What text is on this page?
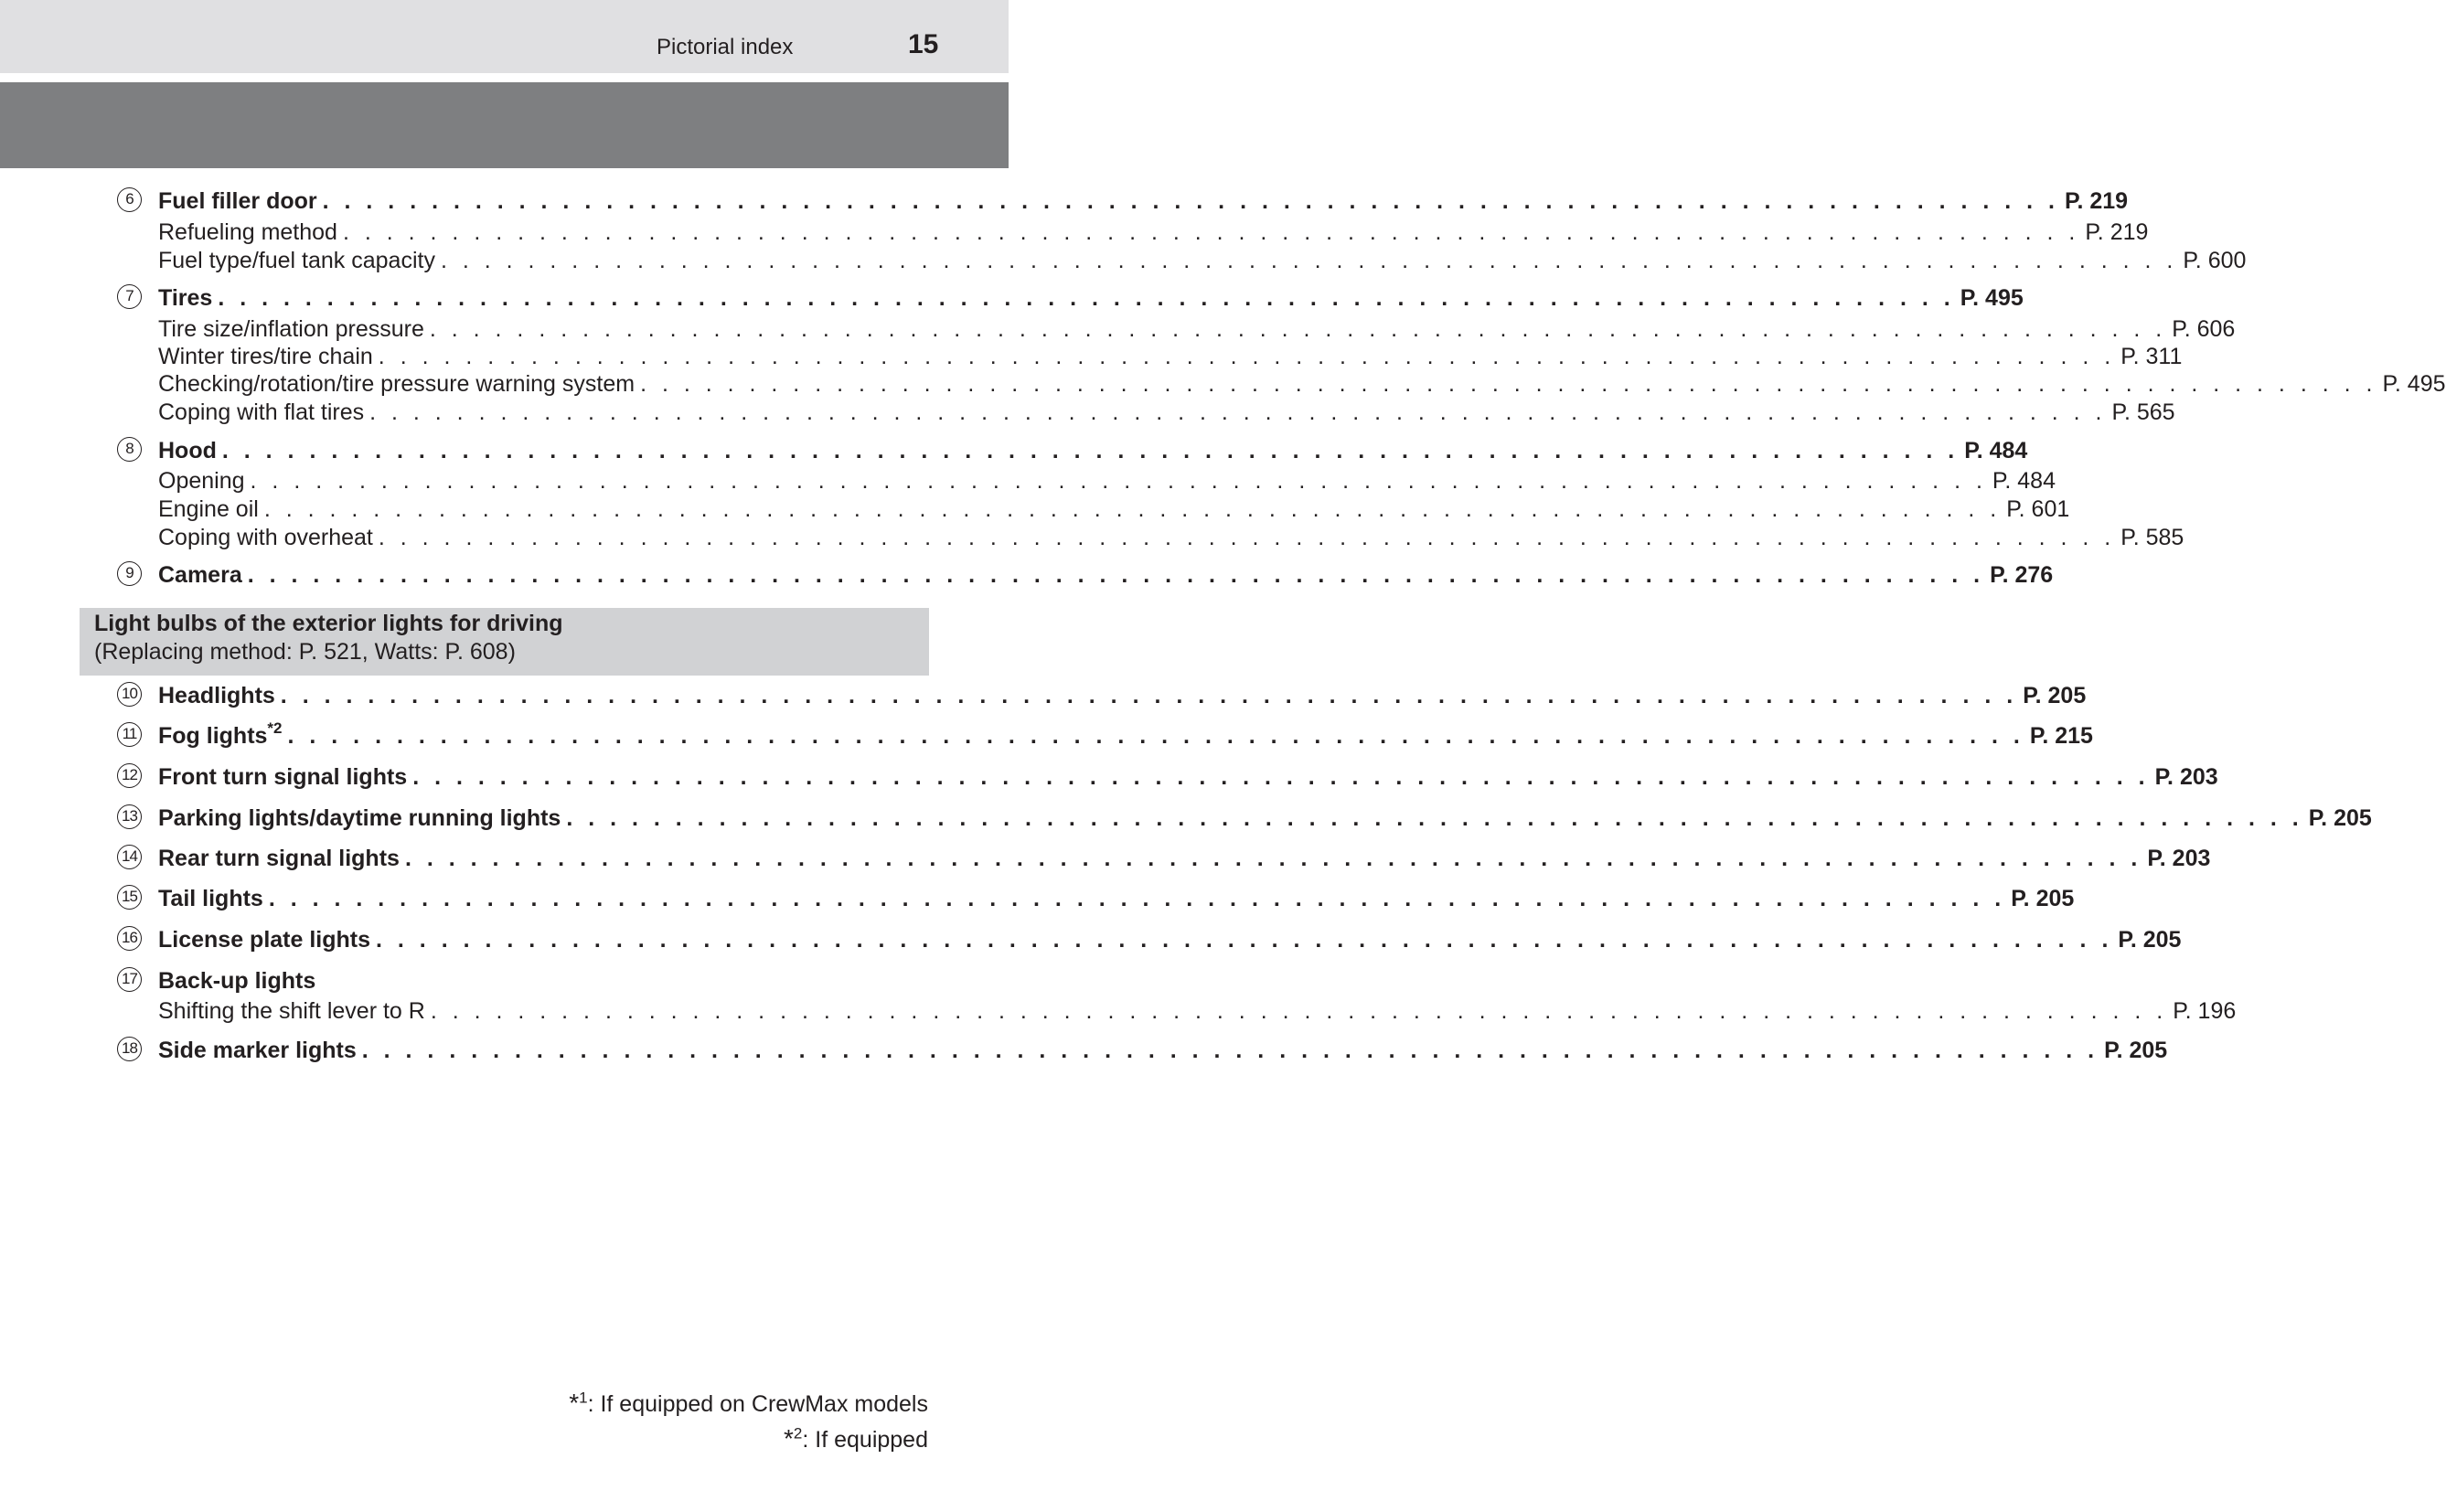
Pictorial index	15
6	Fuel filler door . . . . . . . . . . . . . . . . . . . . . . . . . . . . . . . . . . . . . . . . . . . . . . . . . . . . . . . . . . . . . . . . . . . . . . . . . . . . . . . . P. 219
Refueling method . . . . . . . . . . . . . . . . . . . . . . . . . . . . . . . . . . . . . . . . . . . . . . . . . . . . . . . . . . . . . . . . . . . . . . . . . . . . . . . . P. 219
Fuel type/fuel tank capacity . . . . . . . . . . . . . . . . . . . . . . . . . . . . . . . . . . . . . . . . . . . . . . . . . . . . . . . . . . . . . . . . . . . . . . . . . . . . . . . . P. 600
7	Tires . . . . . . . . . . . . . . . . . . . . . . . . . . . . . . . . . . . . . . . . . . . . . . . . . . . . . . . . . . . . . . . . . . . . . . . . . . . . . . . . P. 495
Tire size/inflation pressure . . . . . . . . . . . . . . . . . . . . . . . . . . . . . . . . . . . . . . . . . . . . . . . . . . . . . . . . . . . . . . . . . . . . . . . . . . . . . . . . P. 606
Winter tires/tire chain . . . . . . . . . . . . . . . . . . . . . . . . . . . . . . . . . . . . . . . . . . . . . . . . . . . . . . . . . . . . . . . . . . . . . . . . . . . . . . . . P. 311
Checking/rotation/tire pressure warning system . . . . . . . . . . . . . . . . . . . . . . . . . . . . . . . . . . . . . . . . . . . . . . . . . . . . . . . . . . . . . . . . . . . . . . . . . . . . . . . . P. 495
Coping with flat tires . . . . . . . . . . . . . . . . . . . . . . . . . . . . . . . . . . . . . . . . . . . . . . . . . . . . . . . . . . . . . . . . . . . . . . . . . . . . . . . . P. 565
8	Hood . . . . . . . . . . . . . . . . . . . . . . . . . . . . . . . . . . . . . . . . . . . . . . . . . . . . . . . . . . . . . . . . . . . . . . . . . . . . . . . . P. 484
Opening . . . . . . . . . . . . . . . . . . . . . . . . . . . . . . . . . . . . . . . . . . . . . . . . . . . . . . . . . . . . . . . . . . . . . . . . . . . . . . . . P. 484
Engine oil . . . . . . . . . . . . . . . . . . . . . . . . . . . . . . . . . . . . . . . . . . . . . . . . . . . . . . . . . . . . . . . . . . . . . . . . . . . . . . . . P. 601
Coping with overheat . . . . . . . . . . . . . . . . . . . . . . . . . . . . . . . . . . . . . . . . . . . . . . . . . . . . . . . . . . . . . . . . . . . . . . . . . . . . . . . . P. 585
9	Camera . . . . . . . . . . . . . . . . . . . . . . . . . . . . . . . . . . . . . . . . . . . . . . . . . . . . . . . . . . . . . . . . . . . . . . . . . . . . . . . . P. 276
Light bulbs of the exterior lights for driving
(Replacing method: P. 521, Watts: P. 608)
10 Headlights . . . . . . . . . . . . . . . . . . . . . . . . . . . . . . . . . . . . . . . . . . . . . . . . . . . . . . . . . . . . . . . . . . . . . . . . . . . . . . . . P. 205
11 Fog lights$^{*2}$ . . . . . . . . . . . . . . . . . . . . . . . . . . . . . . . . . . . . . . . . . . . . . . . . . . . . . . . . . . . . . . . . . . . . . . . . . . . . . . . . P. 215
12 Front turn signal lights . . . . . . . . . . . . . . . . . . . . . . . . . . . . . . . . . . . . . . . . . . . . . . . . . . . . . . . . . . . . . . . . . . . . . . . . . . . . . . . . P. 203
13 Parking lights/daytime running lights . . . . . . . . . . . . . . . . . . . . . . . . . . . . . . . . . . . . . . . . . . . . . . . . . . . . . . . . . . . . . . . . . . . . . . . . . . . . . . . . P. 205
14 Rear turn signal lights . . . . . . . . . . . . . . . . . . . . . . . . . . . . . . . . . . . . . . . . . . . . . . . . . . . . . . . . . . . . . . . . . . . . . . . . . . . . . . . . P. 203
15 Tail lights . . . . . . . . . . . . . . . . . . . . . . . . . . . . . . . . . . . . . . . . . . . . . . . . . . . . . . . . . . . . . . . . . . . . . . . . . . . . . . . . P. 205
16 License plate lights . . . . . . . . . . . . . . . . . . . . . . . . . . . . . . . . . . . . . . . . . . . . . . . . . . . . . . . . . . . . . . . . . . . . . . . . . . . . . . . . P. 205
17 Back-up lights
Shifting the shift lever to R . . . . . . . . . . . . . . . . . . . . . . . . . . . . . . . . . . . . . . . . . . . . . . . . . . . . . . . . . . . . . . . . . . . . . . . . . . . . . . . . P. 196
18 Side marker lights . . . . . . . . . . . . . . . . . . . . . . . . . . . . . . . . . . . . . . . . . . . . . . . . . . . . . . . . . . . . . . . . . . . . . . . . . . . . . . . . P. 205
*$^1$: If equipped on CrewMax models
*$^2$: If equipped
